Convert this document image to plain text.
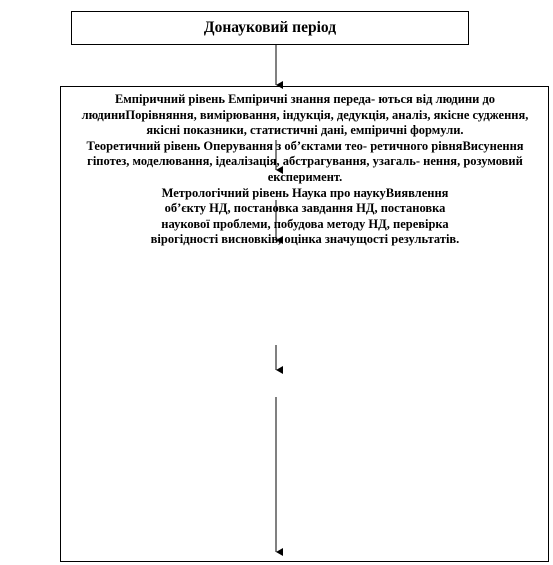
Донауковий період
Емпіричний рівень Емпіричні знання переда- ються від людини до людиниПорівняння, вимірювання, індукція, дедукція, аналіз, якісне судження, якісні показники, статистичні дані, емпіричні формули.
Теоретичний рівень Оперування з об’єктами тео- ретичного рівняВисунення гіпотез, моделювання, ідеалізація, абстрагування, узагаль- нення, розумовий експеримент.
Метрологічний рівень Наука про наукуВиявлення об’єкту НД, постановка завдання НД, постановка наукової проблеми, побудова методу НД, перевірка вірогідності висновків, оцінка значущості результатів.
